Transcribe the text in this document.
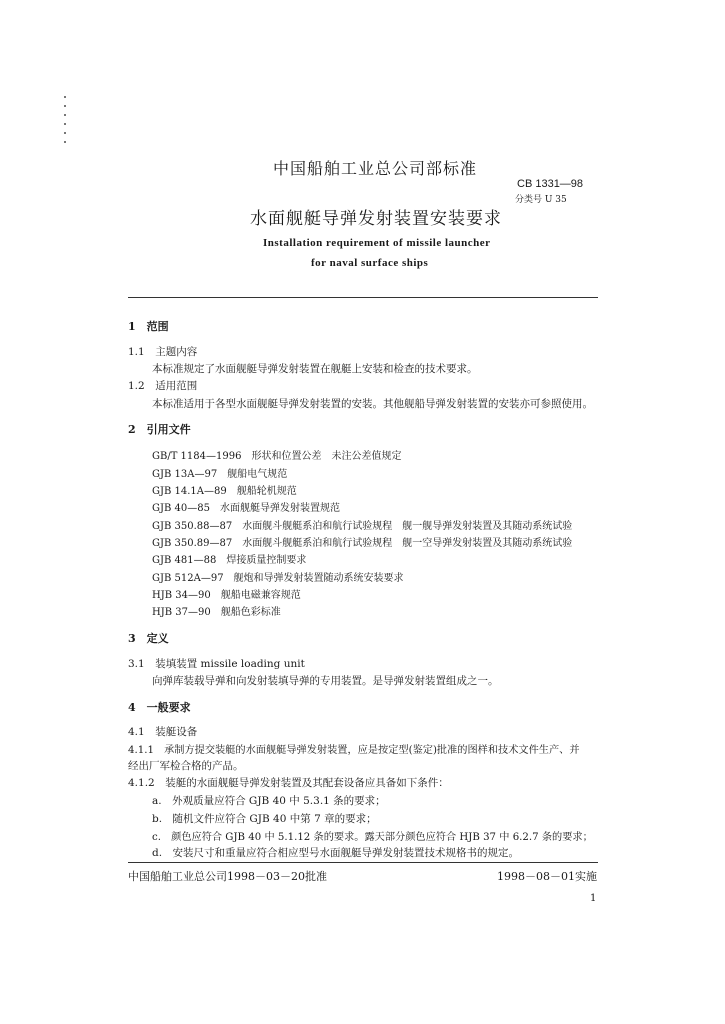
中国船舶工业总公司部标准
CB 1331—98
分类号 U 35
水面舰艇导弹发射装置安装要求
Installation requirement of missile launcher
for naval surface ships
1　范围
1.1　主题内容
本标准规定了水面舰艇导弹发射装置在舰艇上安装和检查的技术要求。
1.2　适用范围
本标准适用于各型水面舰艇导弹发射装置的安装。其他舰船导弹发射装置的安装亦可参照使用。
2　引用文件
GB/T 1184—1996　形状和位置公差　未注公差值规定
GJB 13A—97　舰船电气规范
GJB 14.1A—89　舰船轮机规范
GJB 40—85　水面舰艇导弹发射装置规范
GJB 350.88—87　水面舰斗舰艇系泊和航行试验规程　舰一舰导弹发射装置及其随动系统试验
GJB 350.89—87　水面舰斗舰艇系泊和航行试验规程　舰一空导弹发射装置及其随动系统试验
GJB 481—88　焊接质量控制要求
GJB 512A—97　舰炮和导弹发射装置随动系统安装要求
HJB 34—90　舰船电磁兼容规范
HJB 37—90　舰船色彩标准
3　定义
3.1　装填装置 missile loading unit
向弹库装载导弹和向发射装填导弹的专用装置。是导弹发射装置组成之一。
4　一般要求
4.1　装艇设备
4.1.1　承制方提交装艇的水面舰艇导弹发射装置，应是按定型(鉴定)批准的图样和技术文件生产、并
经出厂军检合格的产品。
4.1.2　装艇的水面舰艇导弹发射装置及其配套设备应具备如下条件：
a.　外观质量应符合 GJB 40 中 5.3.1 条的要求；
b.　随机文件应符合 GJB 40 中第 7 章的要求；
c.　颜色应符合 GJB 40 中 5.1.12 条的要求。露天部分颜色应符合 HJB 37 中 6.2.7 条的要求；
d.　安装尺寸和重量应符合相应型号水面舰艇导弹发射装置技术规格书的规定。
中国船舶工业总公司1998－03－20批准	1998－08－01实施
1
